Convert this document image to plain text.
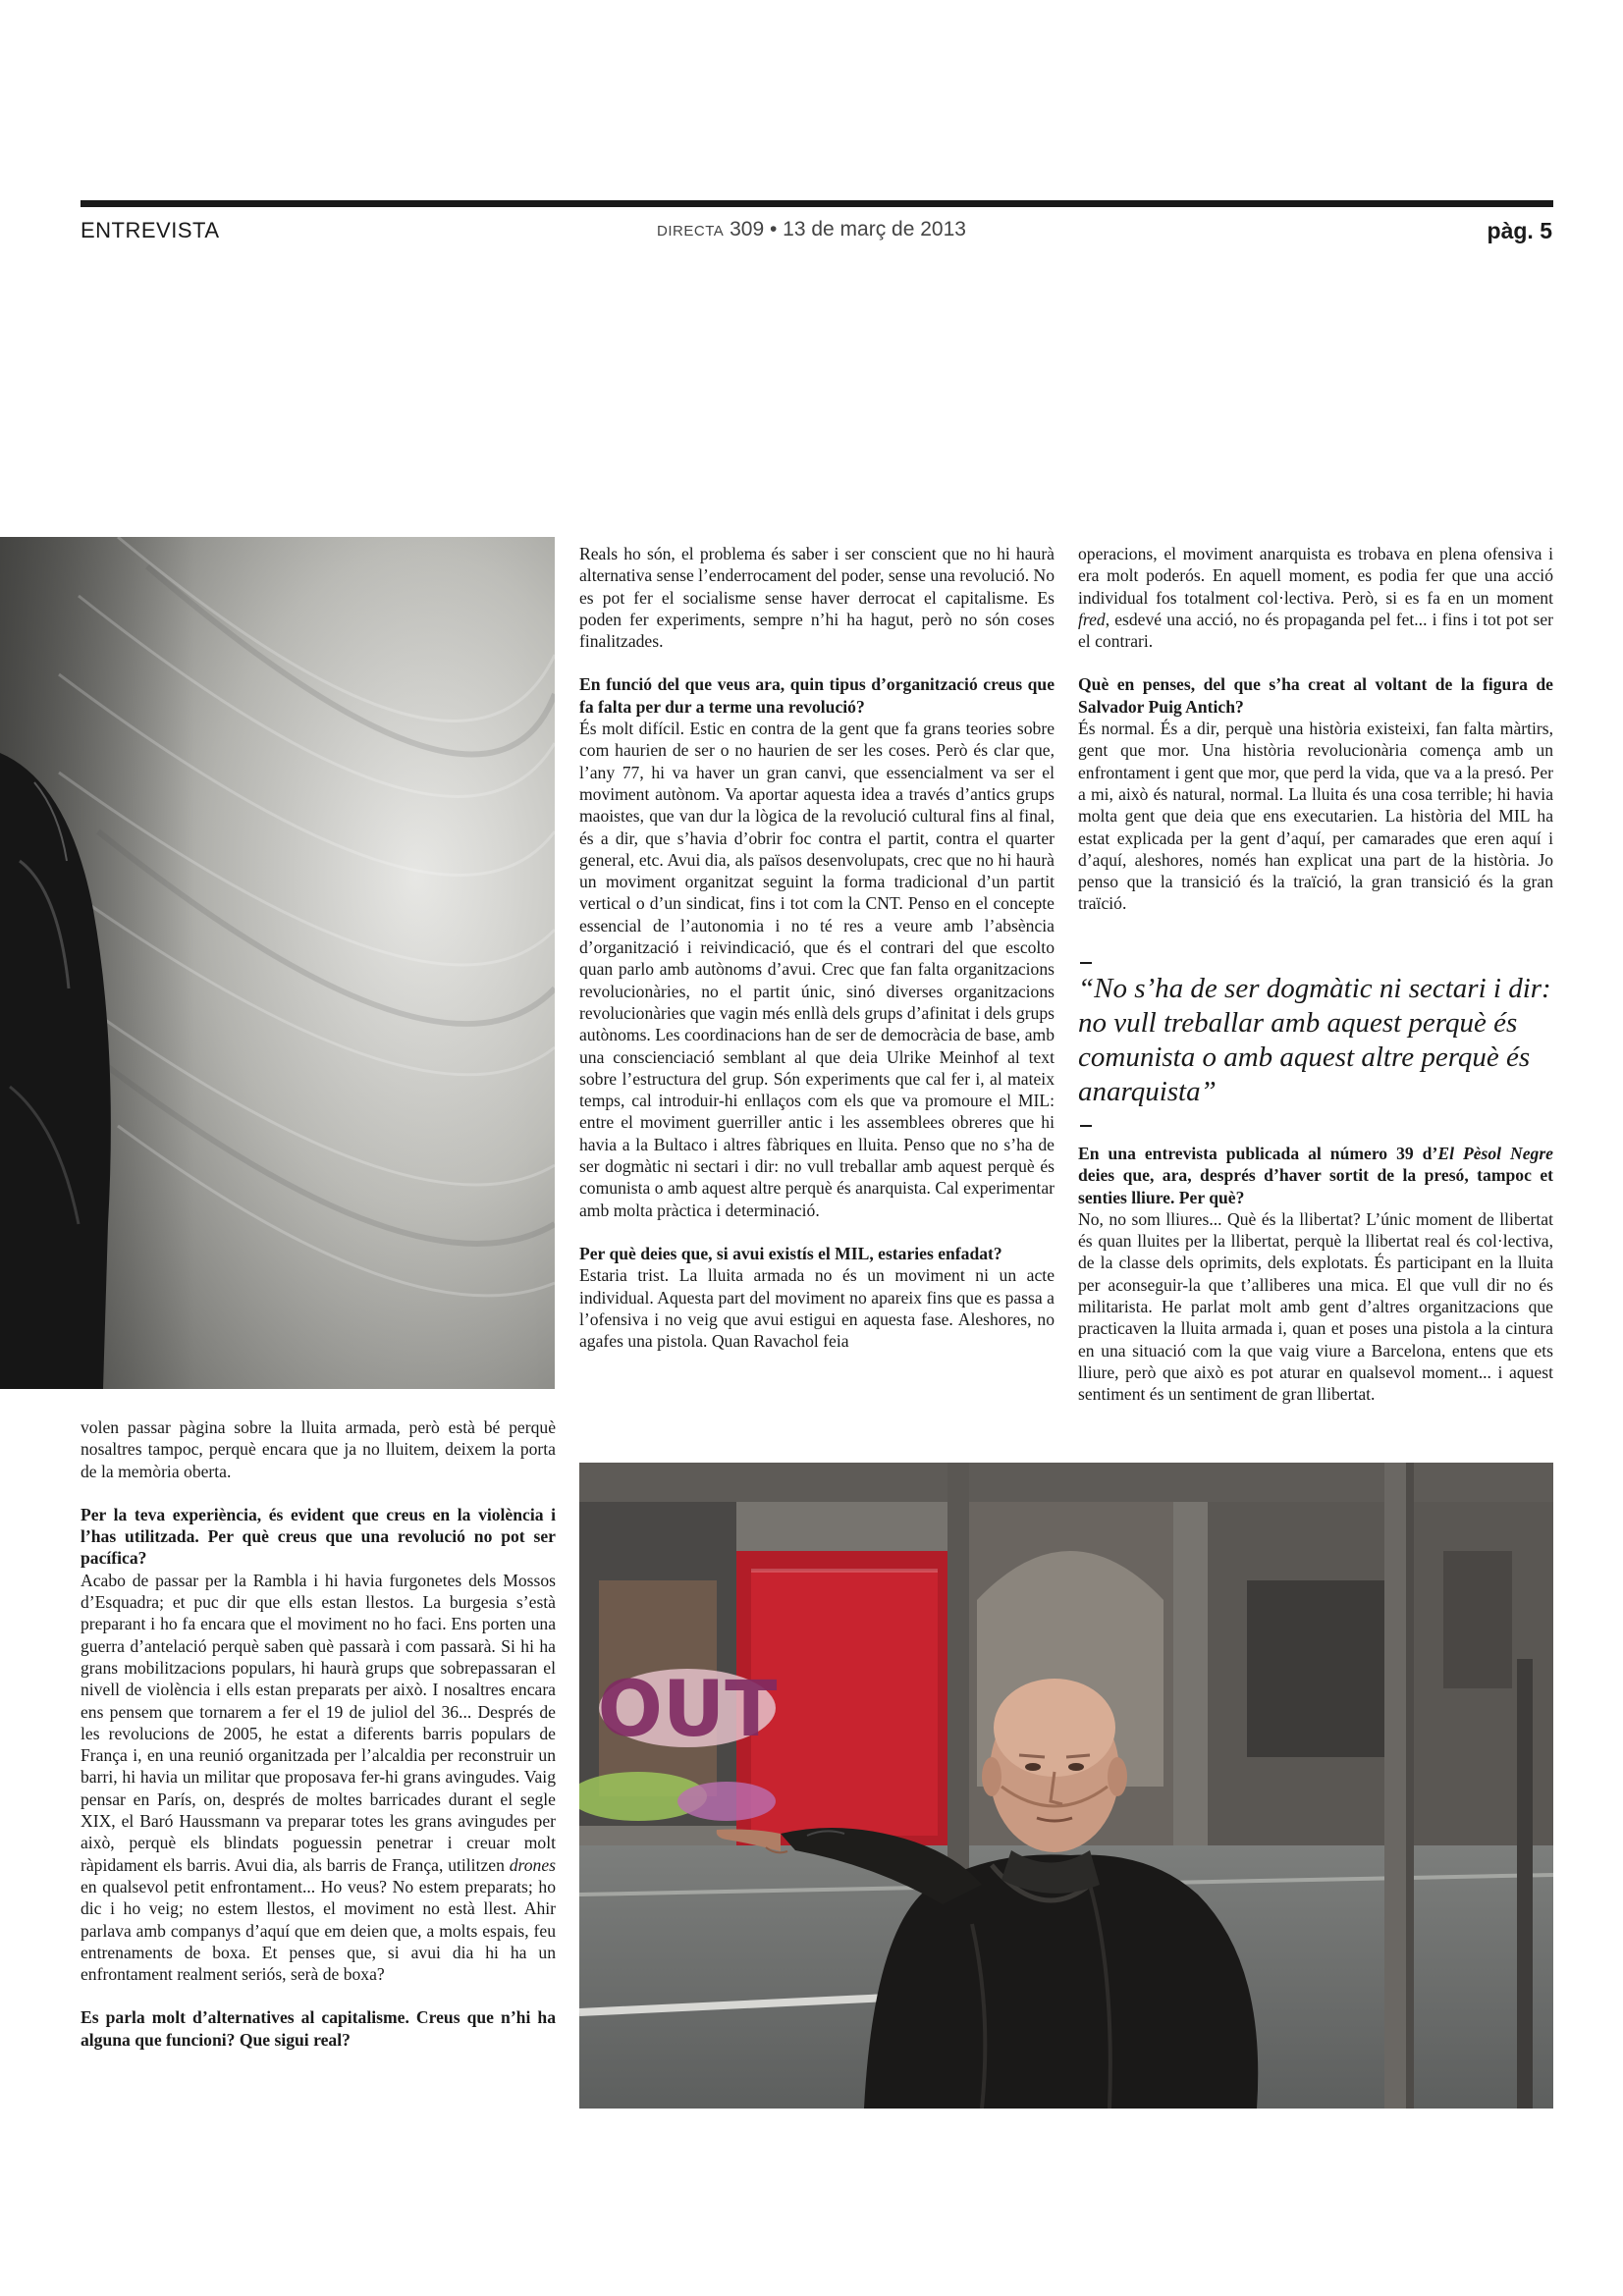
ENTREVISTA	DIRECTA 309 • 13 de març de 2013	pàg. 5

volen passar pàgina sobre la lluita armada, però està bé perquè nosaltres tampoc, perquè encara que ja no lluitem, deixem la porta de la memòria oberta.

Per la teva experiència, és evident que creus en la violència i l’has utilitzada. Per què creus que una revolució no pot ser pacífica?

Acabo de passar per la Rambla i hi havia furgonetes dels Mossos d’Esquadra; et puc dir que ells estan llestos. La burgesia s’està preparant i ho fa encara que el moviment no ho faci. Ens porten una guerra d’antelació perquè saben què passarà i com passarà. Si hi ha grans mobilitzacions populars, hi haurà grups que sobrepassaran el nivell de violència i ells estan preparats per això. I nosaltres encara ens pensem que tornarem a fer el 19 de juliol del 36... Després de les revolucions de 2005, he estat a diferents barris populars de França i, en una reunió organitzada per l’alcaldia per reconstruir un barri, hi havia un militar que proposava fer-hi grans avingudes. Vaig pensar en París, on, després de moltes barricades durant el segle XIX, el Baró Haussmann va preparar totes les grans avingudes per això, perquè els blindats poguessin penetrar i creuar molt ràpidament els barris. Avui dia, als barris de França, utilitzen drones en qualsevol petit enfrontament... Ho veus? No estem preparats; ho dic i ho veig; no estem llestos, el moviment no està llest. Ahir parlava amb companys d’aquí que em deien que, a molts espais, feu entrenaments de boxa. Et penses que, si avui dia hi ha un enfrontament realment seriós, serà de boxa?

Es parla molt d’alternatives al capitalisme. Creus que n’hi ha alguna que funcioni? Que sigui real?

Reals ho són, el problema és saber i ser conscient que no hi haurà alternativa sense l’enderrocament del poder, sense una revolució. No es pot fer el socialisme sense haver derrocat el capitalisme. Es poden fer experiments, sempre n’hi ha hagut, però no són coses finalitzades.

En funció del que veus ara, quin tipus d’organització creus que fa falta per dur a terme una revolució?

És molt difícil. Estic en contra de la gent que fa grans teories sobre com haurien de ser o no haurien de ser les coses. Però és clar que, l’any 77, hi va haver un gran canvi, que essencialment va ser el moviment autònom. Va aportar aquesta idea a través d’antics grups maoistes, que van dur la lògica de la revolució cultural fins al final, és a dir, que s’havia d’obrir foc contra el partit, contra el quarter general, etc. Avui dia, als països desenvolupats, crec que no hi haurà un moviment organitzat seguint la forma tradicional d’un partit vertical o d’un sindicat, fins i tot com la CNT. Penso en el concepte essencial de l’autonomia i no té res a veure amb l’absència d’organització i reivindicació, que és el contrari del que escolto quan parlo amb autònoms d’avui. Crec que fan falta organitzacions revolucionàries, no el partit únic, sinó diverses organitzacions revolucionàries que vagin més enllà dels grups d’afinitat i dels grups autònoms. Les coordinacions han de ser de democràcia de base, amb una conscienciació semblant al que deia Ulrike Meinhof al text sobre l’estructura del grup. Són experiments que cal fer i, al mateix temps, cal introduir-hi enllaços com els que va promoure el MIL: entre el moviment guerriller antic i les assemblees obreres que hi havia a la Bultaco i altres fàbriques en lluita. Penso que no s’ha de ser dogmàtic ni sectari i dir: no vull treballar amb aquest perquè és comunista o amb aquest altre perquè és anarquista. Cal experimentar amb molta pràctica i determinació.

Per què deies que, si avui existís el MIL, estaries enfadat?

Estaria trist. La lluita armada no és un moviment ni un acte individual. Aquesta part del moviment no apareix fins que es passa a l’ofensiva i no veig que avui estigui en aquesta fase. Aleshores, no agafes una pistola. Quan Ravachol feia

operacions, el moviment anarquista es trobava en plena ofensiva i era molt poderós. En aquell moment, es podia fer que una acció individual fos totalment col·lectiva. Però, si es fa en un moment fred, esdevé una acció, no és propaganda pel fet... i fins i tot pot ser el contrari.

Què en penses, del que s’ha creat al voltant de la figura de Salvador Puig Antich?

És normal. És a dir, perquè una història existeixi, fan falta màrtirs, gent que mor. Una història revolucionària comença amb un enfrontament i gent que mor, que perd la vida, que va a la presó. Per a mi, això és natural, normal. La lluita és una cosa terrible; hi havia molta gent que deia que ens executarien. La història del MIL ha estat explicada per la gent d’aquí, per camarades que eren aquí i d’aquí, aleshores, només han explicat una part de la història. Jo penso que la transició és la traïció, la gran transició és la gran traïció.

“No s’ha de ser dogmàtic ni sectari i dir: no vull treballar amb aquest perquè és comunista o amb aquest altre perquè és anarquista”

En una entrevista publicada al número 39 d’El Pèsol Negre deies que, ara, després d’haver sortit de la presó, tampoc et senties lliure. Per què?

No, no som lliures... Què és la llibertat? L’únic moment de llibertat és quan lluites per la llibertat, perquè la llibertat real és col·lectiva, de la classe dels oprimits, dels explotats. És participant en la lluita per aconseguir-la que t’alliberes una mica. El que vull dir no és militarista. He parlat molt amb gent d’altres organitzacions que practicaven la lluita armada i, quan et poses una pistola a la cintura en una situació com la que vaig viure a Barcelona, entens que ets lliure, però que això es pot aturar en qualsevol moment... i aquest sentiment és un sentiment de gran llibertat.

OUT
